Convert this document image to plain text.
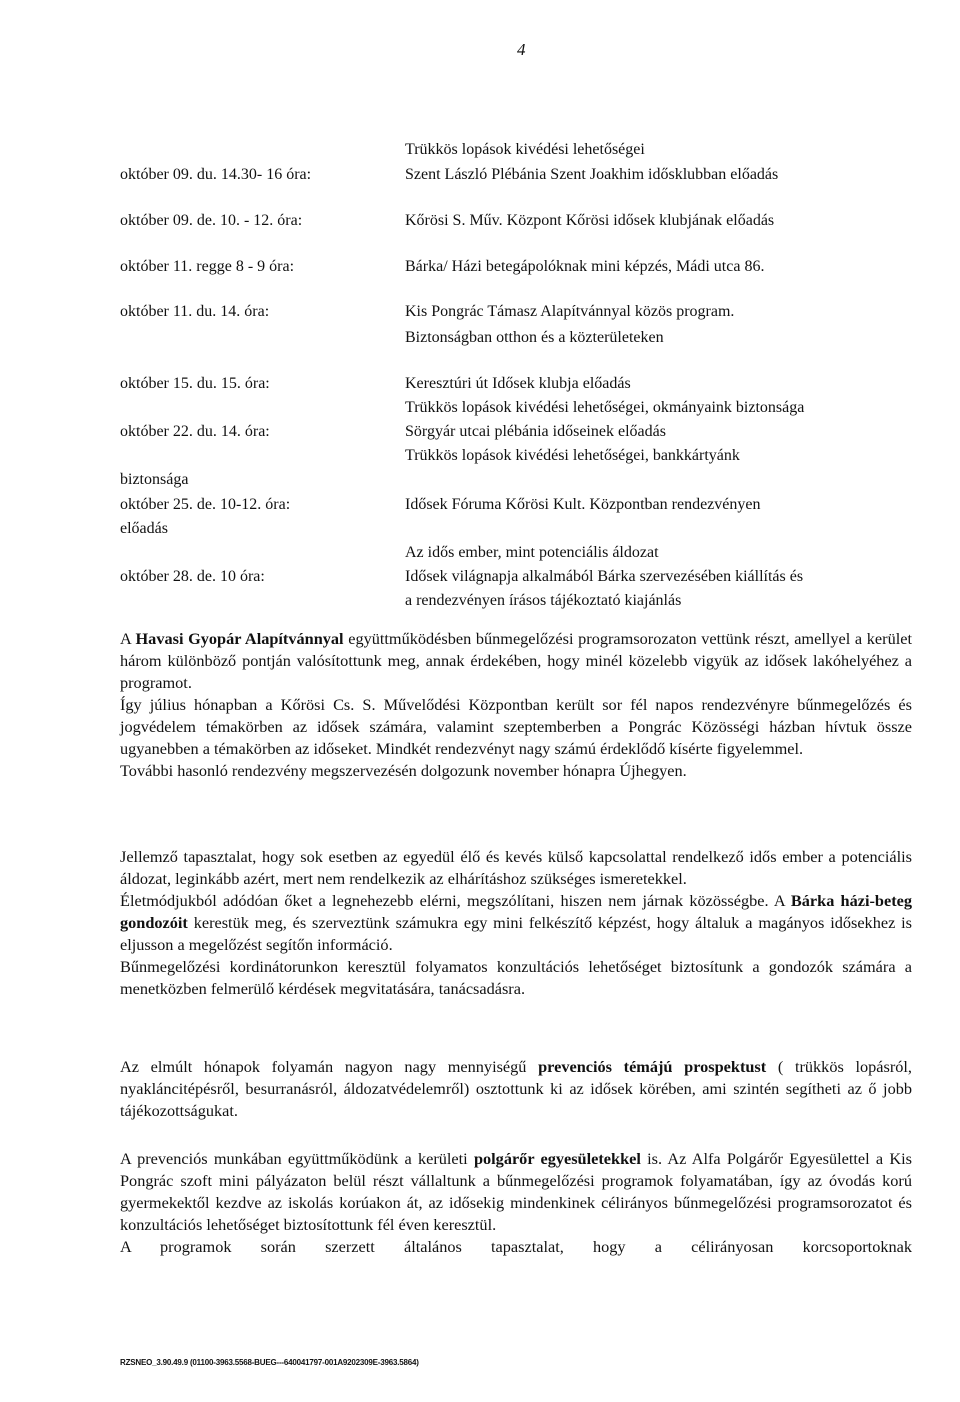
4
október 09. du. 14.30- 16 óra:
október 09. de. 10. - 12. óra:
október 11. regge 8 - 9 óra:
október 11. du. 14. óra:
október 15. du. 15. óra:
október 22. du. 14. óra:
biztonsága
október 25. de. 10-12. óra:
előadás
október 28. de. 10 óra:
Trükkös lopások kivédési lehetőségei
Szent László Plébánia Szent Joakhim idősklubban előadás
Kőrösi S. Műv. Központ Kőrösi idősek klubjának előadás
Bárka/ Házi betegápolóknak mini képzés, Mádi utca 86.
Kis Pongrác Támasz Alapítvánnyal közös program.
Biztonságban otthon és a közterületeken
Keresztúri út Idősek klubja előadás
Trükkös lopások kivédési lehetőségei, okmányaink biztonsága
Sörgyár utcai plébánia időseinek előadás
Trükkös lopások kivédési lehetőségei, bankkártyánk
Idősek Fóruma Kőrösi Kult. Központban rendezvényen
Az idős ember, mint potenciális áldozat
Idősek világnapja alkalmából Bárka szervezésében kiállítás és
a rendezvényen írásos tájékoztató kiajánlás

A Havasi Gyopár Alapítvánnyal együttműködésben bűnmegelőzési programsorozaton vettünk részt, amellyel a kerület három különböző pontján valósítottunk meg, annak érdekében, hogy minél közelebb vigyük az idősek lakóhelyéhez a programot.

Így július hónapban a Kőrösi Cs. S. Művelődési Központban került sor fél napos rendezvényre bűnmegelőzés és jogvédelem témakörben az idősek számára, valamint szeptemberben a Pongrác Közösségi házban hívtuk össze ugyanebben a témakörben az időseket. Mindkét rendezvényt nagy számú érdeklődő kísérte figyelemmel.

További hasonló rendezvény megszervezésén dolgozunk november hónapra Újhegyen.

Jellemző tapasztalat, hogy sok esetben az egyedül élő és kevés külső kapcsolattal rendelkező idős ember a potenciális áldozat, leginkább azért, mert nem rendelkezik az elhárításhoz szükséges ismeretekkel.

Életmódjukból adódóan őket a legnehezebb elérni, megszólítani, hiszen nem járnak közösségbe. A Bárka házi-beteg gondozóit kerestük meg, és szerveztünk számukra egy mini felkészítő képzést, hogy általuk a magányos idősekhez is eljusson a megelőzést segítőn információ.

Bűnmegelőzési kordinátorunkon keresztül folyamatos konzultációs lehetőséget biztosítunk a gondozók számára a menetközben felmerülő kérdések megvitatására, tanácsadásra.

Az elmúlt hónapok folyamán nagyon nagy mennyiségű prevenciós témájú prospektust ( trükkös lopásról, nyakláncitépésről, besurranásról, áldozatvédelemről) osztottunk ki az idősek körében, ami szintén segítheti az ő jobb tájékozottságukat.

A prevenciós munkában együttműködünk a kerületi polgárőr egyesületekkel is. Az Alfa Polgárőr Egyesülettel a Kis Pongrác szoft mini pályázaton belül részt vállaltunk a bűnmegelőzési programok folyamatában, így az óvodás korú gyermekektől kezdve az iskolás korúakon át, az idősekig mindenkinek célirányos bűnmegelőzési programsorozatot és konzultációs lehetőséget biztosítottunk fél éven keresztül.

A programok során szerzett általános tapasztalat, hogy a célirányosan korcsoportoknak

RZSNEO_3.90.49.9 (01100-3963.5568-BUEG---640041797-001A9202309E-3963.5864)
